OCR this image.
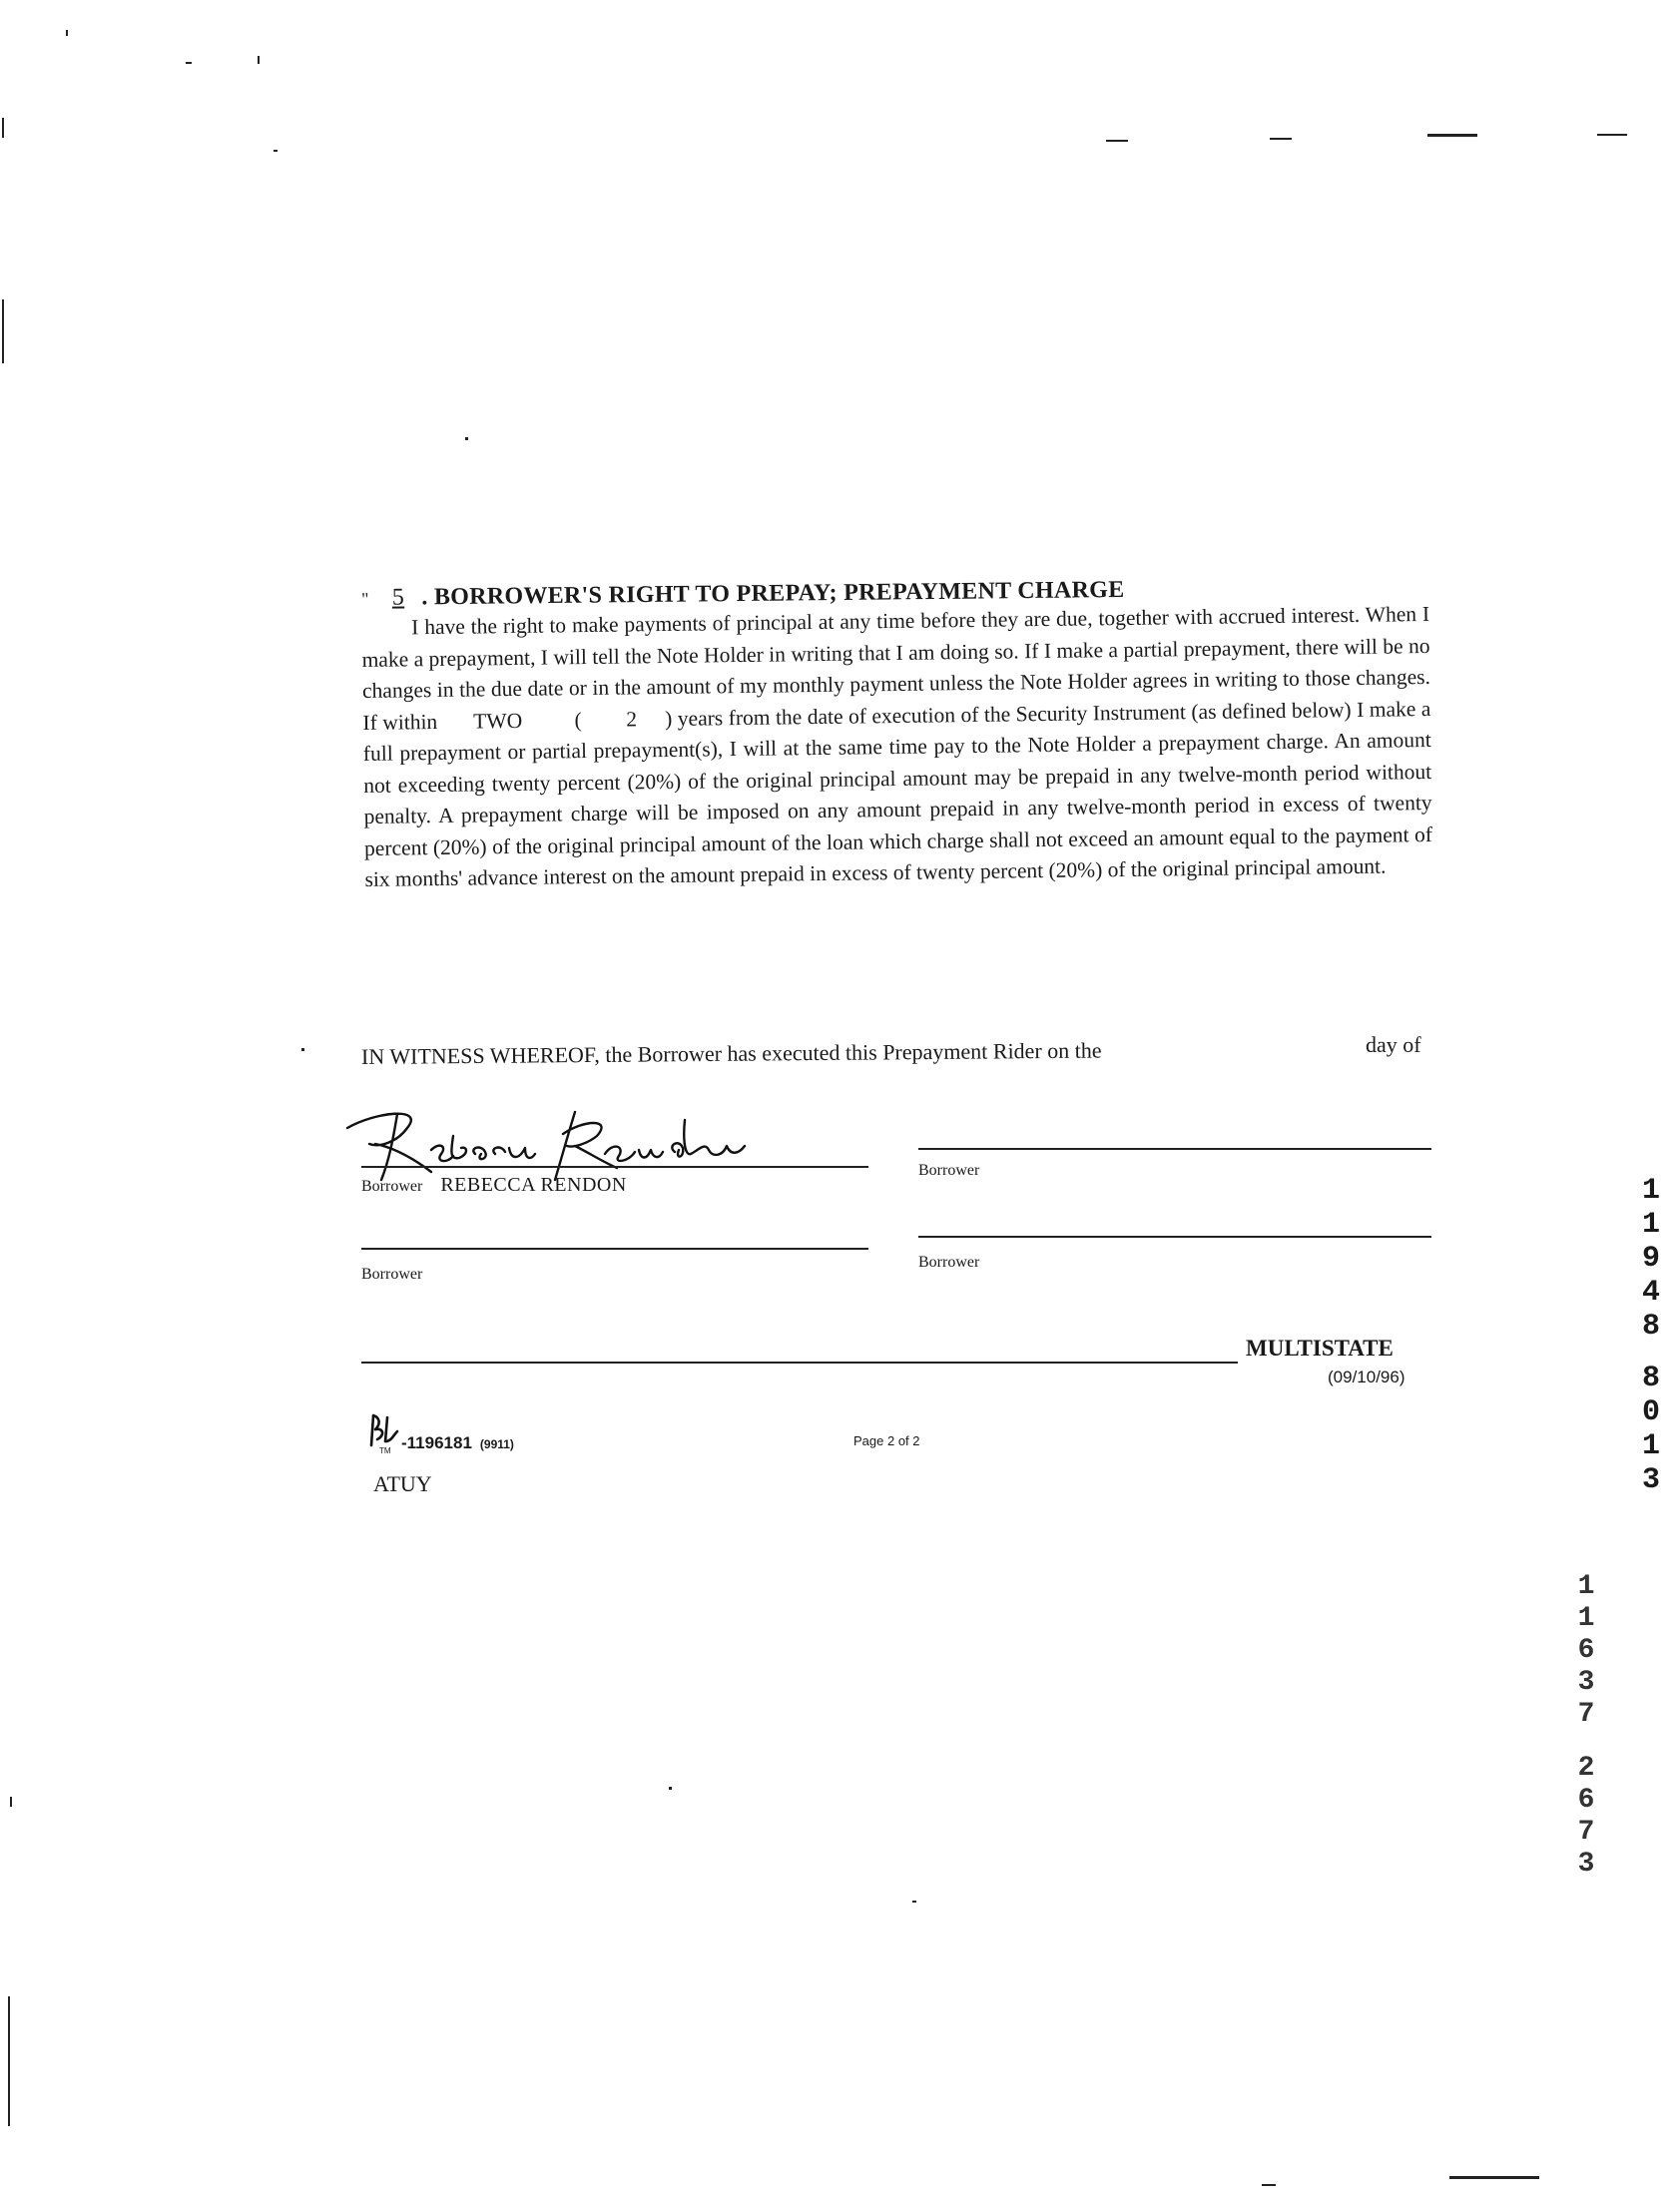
" 5 . BORROWER'S RIGHT TO PREPAY; PREPAYMENT CHARGE
I have the right to make payments of principal at any time before they are due, together with accrued interest. When I make a prepayment, I will tell the Note Holder in writing that I am doing so. If I make a partial prepayment, there will be no changes in the due date or in the amount of my monthly payment unless the Note Holder agrees in writing to those changes. If within TWO ( 2 ) years from the date of execution of the Security Instrument (as defined below) I make a full prepayment or partial prepayment(s), I will at the same time pay to the Note Holder a prepayment charge. An amount not exceeding twenty percent (20%) of the original principal amount may be prepaid in any twelve-month period without penalty. A prepayment charge will be imposed on any amount prepaid in any twelve-month period in excess of twenty percent (20%) of the original principal amount of the loan which charge shall not exceed an amount equal to the payment of six months' advance interest on the amount prepaid in excess of twenty percent (20%) of the original principal amount.
IN WITNESS WHEREOF, the Borrower has executed this Prepayment Rider on the	day of
Borrower REBECCA RENDON
Borrower
Borrower
Borrower
MULTISTATE
(09/10/96)
TM -1196181 (9911)	Page 2 of 2
ATUY
1
1
9
4
8
8
0
1
3
1
1
6
3
7
2
6
7
3
